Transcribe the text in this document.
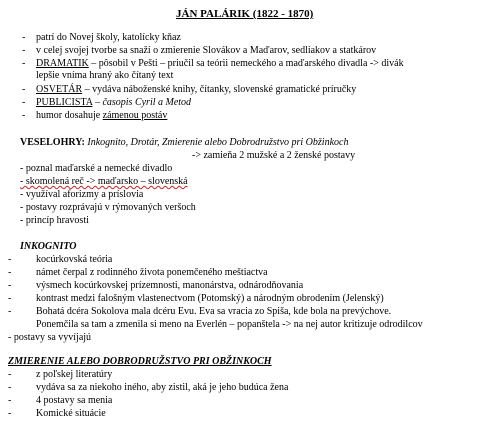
JÁN PALÁRIK (1822 - 1870)
- patrí do Novej školy, katolícky kňaz
- v celej svojej tvorbe sa snaží o zmierenie Slovákov a Maďarov, sedliakov a statkárov
- DRAMATIK – pôsobil v Pešti – priučil sa teórii nemeckého a maďarského divadla -> divák
lepšie vníma hraný ako čítaný text
- OSVETÁR – vydáva náboženské knihy, čítanky, slovenské gramatické príručky
- PUBLICISTA – časopis Cyril a Metod
- humor dosahuje zámenou postáv
VESELOHRY: Inkognito, Drotár, Zmierenie alebo Dobrodružstvo pri Obžinkoch
-> zamieňa 2 mužské a 2 ženské postavy
- poznal maďarské a nemecké divadlo
- skomolená reč -> maďarsko – slovenská
- využíval aforizmy a príslovia
- postavy rozprávajú v rýmovaných veršoch
- princíp hravosti
INKOGNITO
- kocúrkovská teória
- námet čerpal z rodinného života ponemčeného meštiactva
- výsmech kocúrkovskej prízemnosti, manonárstva, odnárodňovania
- kontrast medzi falošným vlastenectvom (Potomský) a národným obrodením (Jelenský)
- Bohatá dcéra Sokolova mala dcéru Evu. Eva sa vracia zo Spiša, kde bola na prevýchove.
Ponemčila sa tam a zmenila si meno na Everlén – popanštela -> na nej autor kritizuje odrodilcov
- postavy sa vyvíjajú
ZMIERENIE ALEBO DOBRODRUŽSTVO PRI OBŽINKOCH
- z poľskej literatúry
- vydáva sa za niekoho iného, aby zistil, aká je jeho budúca žena
- 4 postavy sa menia
- Komické situácie
